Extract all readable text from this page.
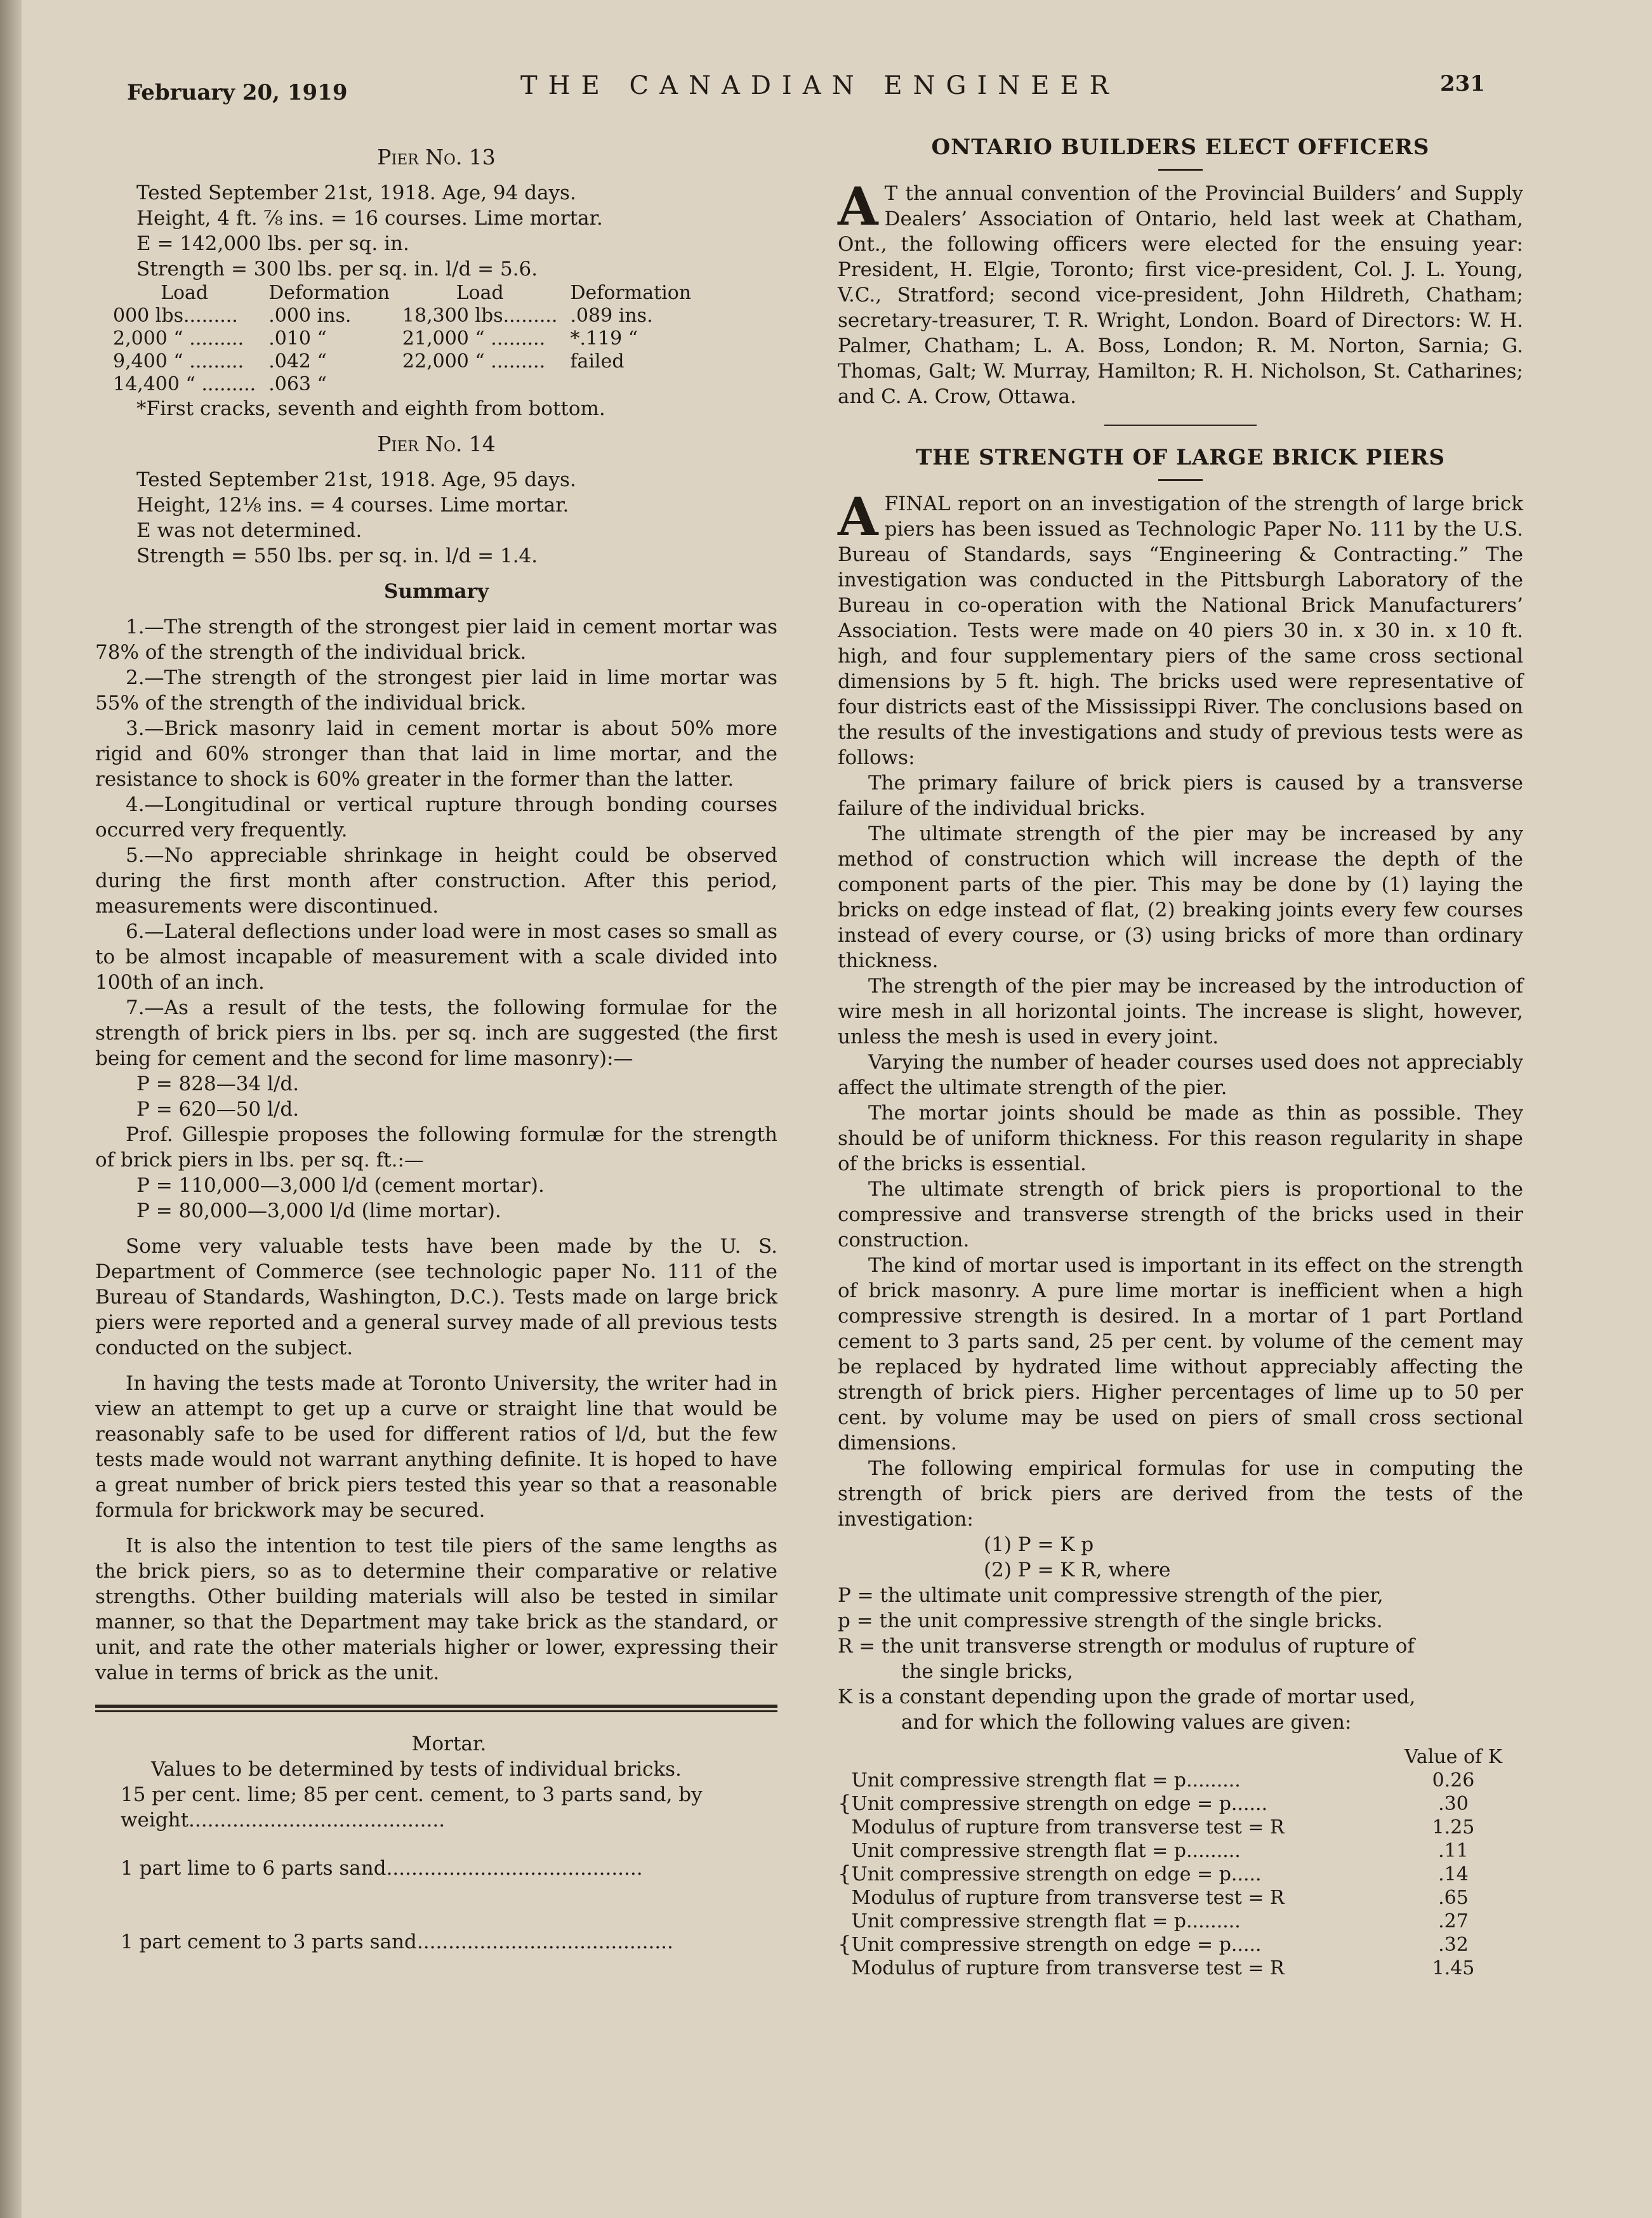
February 20, 1919	THE CANADIAN ENGINEER	231

Pier No. 13

Tested September 21st, 1918. Age, 94 days.

Height, 4 ft. ⅞ ins. = 16 courses. Lime mortar.

E = 142,000 lbs. per sq. in.

Strength = 300 lbs. per sq. in. l/d = 5.6.

Load	Deformation	Load	Deformation
000 lbs.........	.000 ins.	18,300 lbs.........	.089 ins.
2,000 “ .........	.010 “	21,000 “ .........	*.119 “
9,400 “ .........	.042 “	22,000 “ .........	failed
14,400 “ .........	.063 “		

*First cracks, seventh and eighth from bottom.

Pier No. 14

Tested September 21st, 1918. Age, 95 days.

Height, 12⅛ ins. = 4 courses. Lime mortar.

E was not determined.

Strength = 550 lbs. per sq. in. l/d = 1.4.

Summary

1.—The strength of the strongest pier laid in cement mortar was 78% of the strength of the individual brick.

2.—The strength of the strongest pier laid in lime mortar was 55% of the strength of the individual brick.

3.—Brick masonry laid in cement mortar is about 50% more rigid and 60% stronger than that laid in lime mortar, and the resistance to shock is 60% greater in the former than the latter.

4.—Longitudinal or vertical rupture through bonding courses occurred very frequently.

5.—No appreciable shrinkage in height could be observed during the first month after construction. After this period, measurements were discontinued.

6.—Lateral deflections under load were in most cases so small as to be almost incapable of measurement with a scale divided into 100th of an inch.

7.—As a result of the tests, the following formulae for the strength of brick piers in lbs. per sq. inch are suggested (the first being for cement and the second for lime masonry):—

P = 828—34 l/d.

P = 620—50 l/d.

Prof. Gillespie proposes the following formulæ for the strength of brick piers in lbs. per sq. ft.:—

P = 110,000—3,000 l/d (cement mortar).

P = 80,000—3,000 l/d (lime mortar).

Some very valuable tests have been made by the U. S. Department of Commerce (see technologic paper No. 111 of the Bureau of Standards, Washington, D.C.). Tests made on large brick piers were reported and a general survey made of all previous tests conducted on the subject.

In having the tests made at Toronto University, the writer had in view an attempt to get up a curve or straight line that would be reasonably safe to be used for different ratios of l/d, but the few tests made would not warrant anything definite. It is hoped to have a great number of brick piers tested this year so that a reasonable formula for brickwork may be secured.

It is also the intention to test tile piers of the same lengths as the brick piers, so as to determine their comparative or relative strengths. Other building materials will also be tested in similar manner, so that the Department may take brick as the standard, or unit, and rate the other materials higher or lower, expressing their value in terms of brick as the unit.

Mortar.

Values to be determined by tests of individual bricks.

15 per cent. lime; 85 per cent. cement, to 3 parts sand, by weight.........................................

1 part lime to 6 parts sand.........................................

1 part cement to 3 parts sand.........................................

ONTARIO BUILDERS ELECT OFFICERS
A T the annual convention of the Provincial Builders’ and Supply Dealers’ Association of Ontario, held last week at Chatham, Ont., the following officers were elected for the ensuing year: President, H. Elgie, Toronto; first vice-president, Col. J. L. Young, V.C., Stratford; second vice-president, John Hildreth, Chatham; secretary-treasurer, T. R. Wright, London. Board of Directors: W. H. Palmer, Chatham; L. A. Boss, London; R. M. Norton, Sarnia; G. Thomas, Galt; W. Murray, Hamilton; R. H. Nicholson, St. Catharines; and C. A. Crow, Ottawa.
THE STRENGTH OF LARGE BRICK PIERS

A FINAL report on an investigation of the strength of large brick piers has been issued as Technologic Paper No. 111 by the U.S. Bureau of Standards, says “Engineering & Contracting.” The investigation was conducted in the Pittsburgh Laboratory of the Bureau in co-operation with the National Brick Manufacturers’ Association. Tests were made on 40 piers 30 in. x 30 in. x 10 ft. high, and four supplementary piers of the same cross sectional dimensions by 5 ft. high. The bricks used were representative of four districts east of the Mississippi River. The conclusions based on the results of the investigations and study of previous tests were as follows:

The primary failure of brick piers is caused by a transverse failure of the individual bricks.

The ultimate strength of the pier may be increased by any method of construction which will increase the depth of the component parts of the pier. This may be done by (1) laying the bricks on edge instead of flat, (2) breaking joints every few courses instead of every course, or (3) using bricks of more than ordinary thickness.

The strength of the pier may be increased by the introduction of wire mesh in all horizontal joints. The increase is slight, however, unless the mesh is used in every joint.

Varying the number of header courses used does not appreciably affect the ultimate strength of the pier.

The mortar joints should be made as thin as possible. They should be of uniform thickness. For this reason regularity in shape of the bricks is essential.

The ultimate strength of brick piers is proportional to the compressive and transverse strength of the bricks used in their construction.

The kind of mortar used is important in its effect on the strength of brick masonry. A pure lime mortar is inefficient when a high compressive strength is desired. In a mortar of 1 part Portland cement to 3 parts sand, 25 per cent. by volume of the cement may be replaced by hydrated lime without appreciably affecting the strength of brick piers. Higher percentages of lime up to 50 per cent. by volume may be used on piers of small cross sectional dimensions.

The following empirical formulas for use in computing the strength of brick piers are derived from the tests of the investigation:

(1) P = K p

(2) P = K R, where

P = the ultimate unit compressive strength of the pier,

p = the unit compressive strength of the single bricks.

R = the unit transverse strength or modulus of rupture of

the single bricks,

K is a constant depending upon the grade of mortar used,

and for which the following values are given:

		Value of K
{	Unit compressive strength flat = p.........	0.26
	Unit compressive strength on edge = p......	.30
	Modulus of rupture from transverse test = R	1.25
{	Unit compressive strength flat = p.........	.11
	Unit compressive strength on edge = p.....	.14
	Modulus of rupture from transverse test = R	.65
{	Unit compressive strength flat = p.........	.27
	Unit compressive strength on edge = p.....	.32
	Modulus of rupture from transverse test = R	1.45
